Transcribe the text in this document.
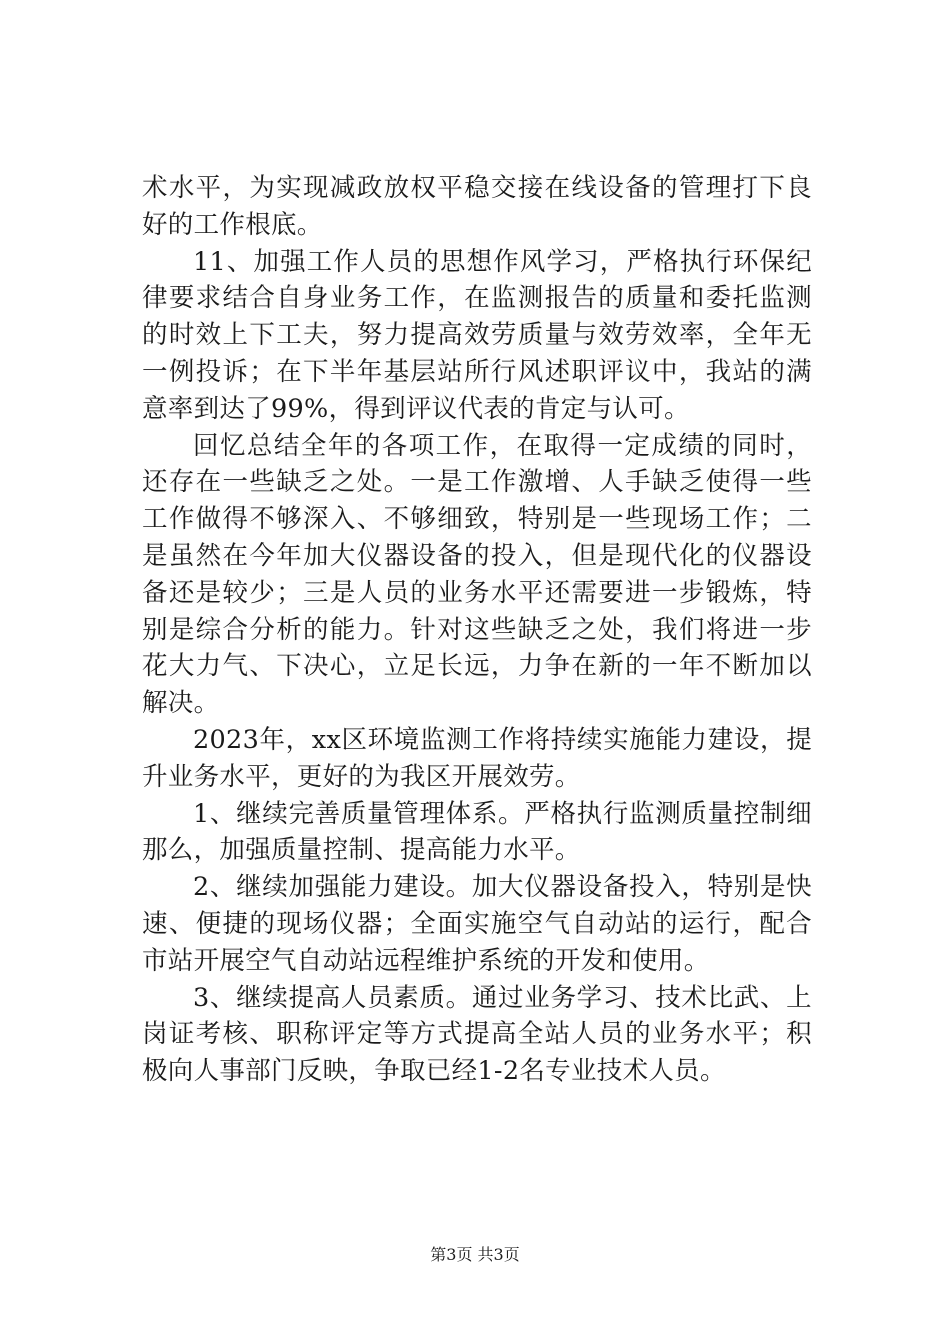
术水平，为实现减政放权平稳交接在线设备的管理打下良好的工作根底。

11、加强工作人员的思想作风学习，严格执行环保纪律要求结合自身业务工作，在监测报告的质量和委托监测的时效上下工夫，努力提高效劳质量与效劳效率，全年无一例投诉；在下半年基层站所行风述职评议中，我站的满意率到达了99%，得到评议代表的肯定与认可。

回忆总结全年的各项工作，在取得一定成绩的同时，还存在一些缺乏之处。一是工作激增、人手缺乏使得一些工作做得不够深入、不够细致，特别是一些现场工作；二是虽然在今年加大仪器设备的投入，但是现代化的仪器设备还是较少；三是人员的业务水平还需要进一步锻炼，特别是综合分析的能力。针对这些缺乏之处，我们将进一步花大力气、下决心，立足长远，力争在新的一年不断加以解决。

2023年，xx区环境监测工作将持续实施能力建设，提升业务水平，更好的为我区开展效劳。

1、继续完善质量管理体系。严格执行监测质量控制细那么，加强质量控制、提高能力水平。

2、继续加强能力建设。加大仪器设备投入，特别是快速、便捷的现场仪器；全面实施空气自动站的运行，配合市站开展空气自动站远程维护系统的开发和使用。

3、继续提高人员素质。通过业务学习、技术比武、上岗证考核、职称评定等方式提高全站人员的业务水平；积极向人事部门反映，争取已经1-2名专业技术人员。

第3页 共3页
